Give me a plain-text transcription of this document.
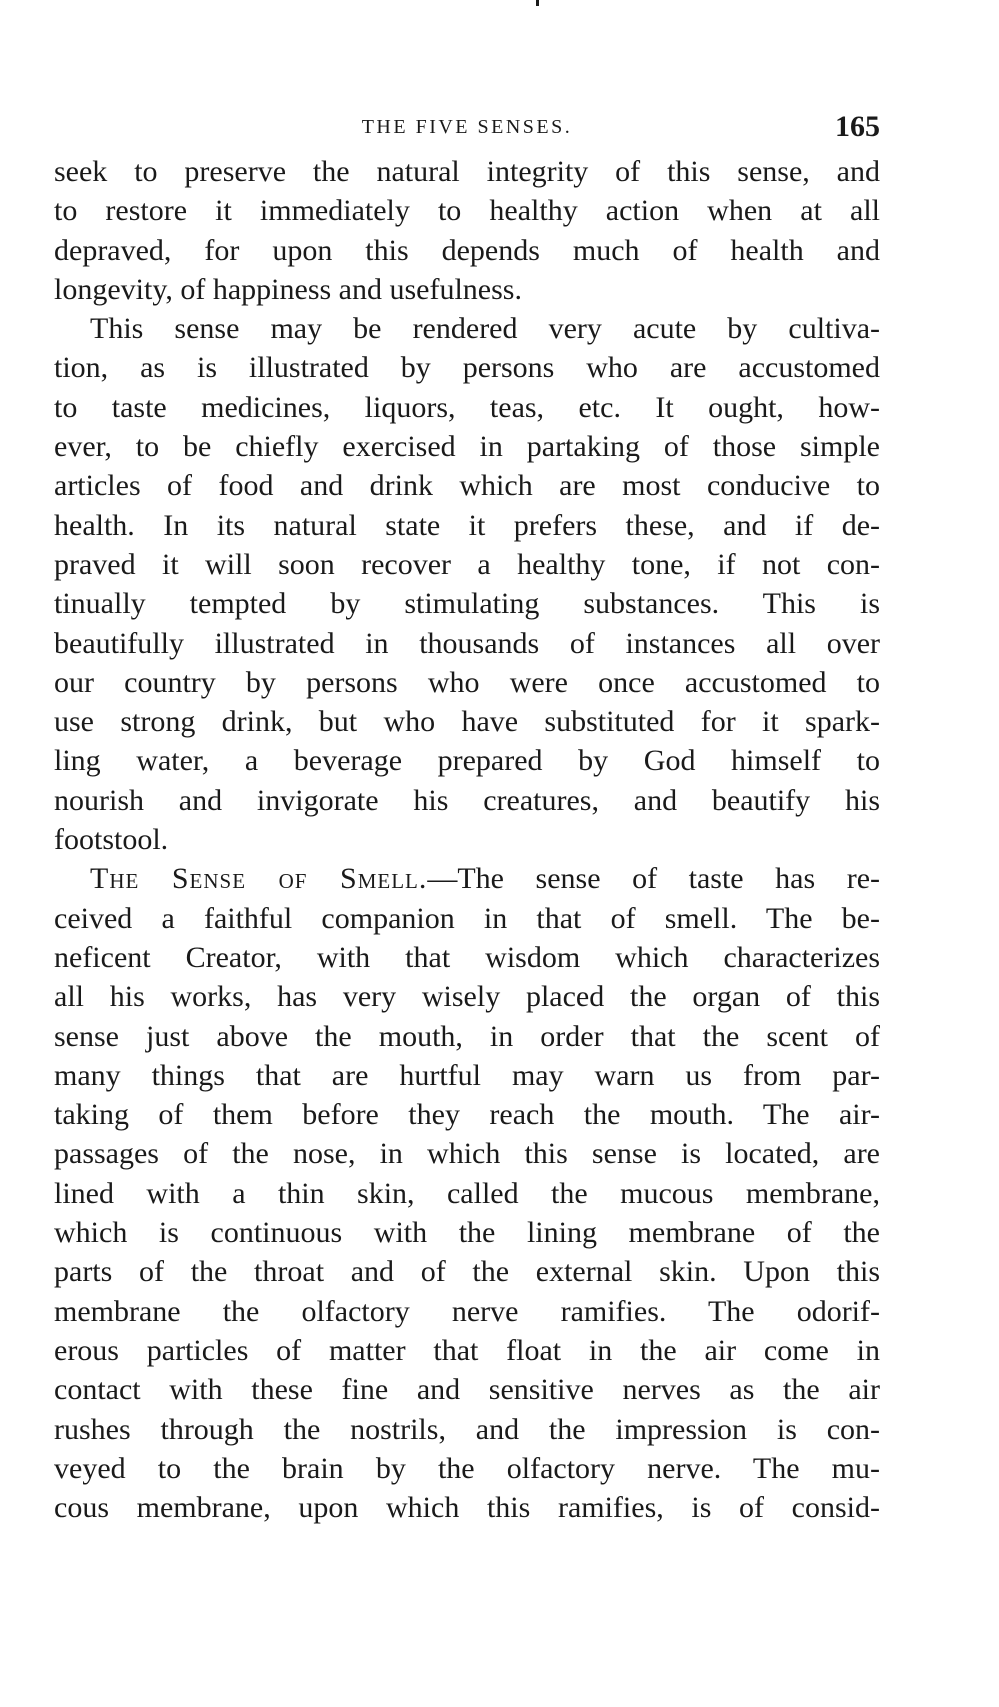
THE FIVE SENSES.	165
seek to preserve the natural integrity of this sense, and
to restore it immediately to healthy action when at all
depraved, for upon this depends much of health and
longevity, of happiness and usefulness.
This sense may be rendered very acute by cultiva-
tion, as is illustrated by persons who are accustomed
to taste medicines, liquors, teas, etc. It ought, how-
ever, to be chiefly exercised in partaking of those simple
articles of food and drink which are most conducive to
health. In its natural state it prefers these, and if de-
praved it will soon recover a healthy tone, if not con-
tinually tempted by stimulating substances. This is
beautifully illustrated in thousands of instances all over
our country by persons who were once accustomed to
use strong drink, but who have substituted for it spark-
ling water, a beverage prepared by God himself to
nourish and invigorate his creatures, and beautify his
footstool.
The Sense of Smell.—The sense of taste has re-
ceived a faithful companion in that of smell. The be-
neficent Creator, with that wisdom which characterizes
all his works, has very wisely placed the organ of this
sense just above the mouth, in order that the scent of
many things that are hurtful may warn us from par-
taking of them before they reach the mouth. The air-
passages of the nose, in which this sense is located, are
lined with a thin skin, called the mucous membrane,
which is continuous with the lining membrane of the
parts of the throat and of the external skin. Upon this
membrane the olfactory nerve ramifies. The odorif-
erous particles of matter that float in the air come in
contact with these fine and sensitive nerves as the air
rushes through the nostrils, and the impression is con-
veyed to the brain by the olfactory nerve. The mu-
cous membrane, upon which this ramifies, is of consid-
